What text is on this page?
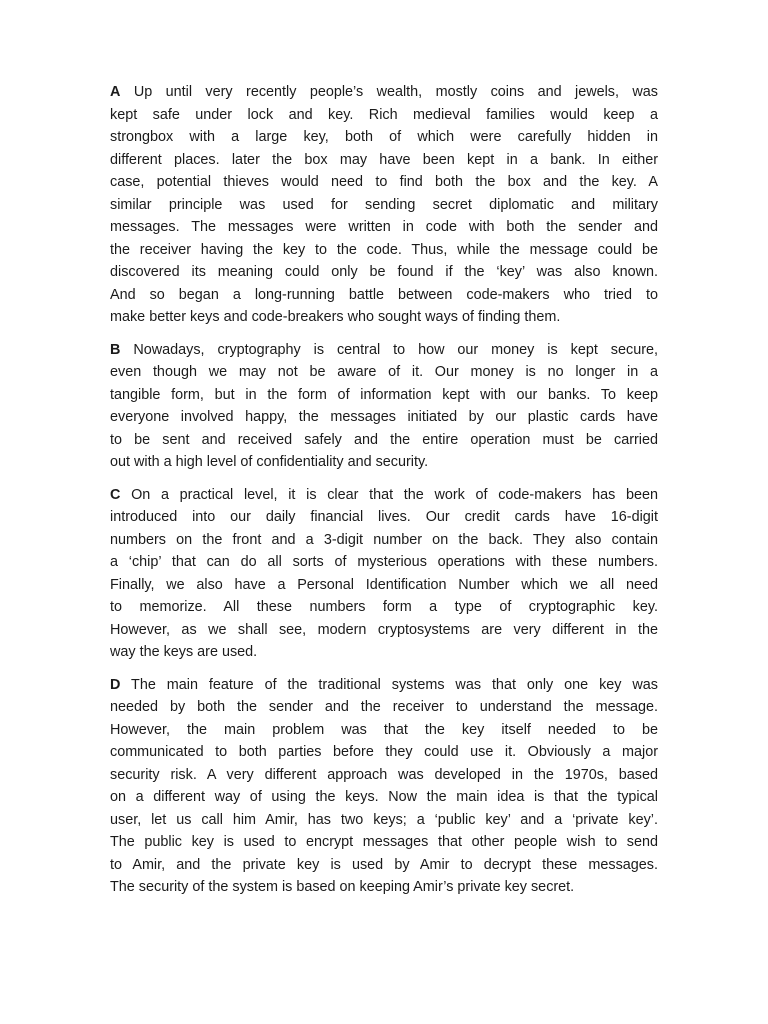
A Up until very recently people’s wealth, mostly coins and jewels, was
kept safe under lock and key. Rich medieval families would keep a
strongbox with a large key, both of which were carefully hidden in
different places. later the box may have been kept in a bank. In either
case, potential thieves would need to find both the box and the key. A
similar principle was used for sending secret diplomatic and military
messages. The messages were written in code with both the sender and
the receiver having the key to the code. Thus, while the message could be
discovered its meaning could only be found if the ‘key’ was also known.
And so began a long-running battle between code-makers who tried to
make better keys and code-breakers who sought ways of finding them.
B Nowadays, cryptography is central to how our money is kept secure,
even though we may not be aware of it. Our money is no longer in a
tangible form, but in the form of information kept with our banks. To keep
everyone involved happy, the messages initiated by our plastic cards have
to be sent and received safely and the entire operation must be carried
out with a high level of confidentiality and security.
C On a practical level, it is clear that the work of code-makers has been
introduced into our daily financial lives. Our credit cards have 16-digit
numbers on the front and a 3-digit number on the back. They also contain
a ‘chip’ that can do all sorts of mysterious operations with these numbers.
Finally, we also have a Personal Identification Number which we all need
to memorize. All these numbers form a type of cryptographic key.
However, as we shall see, modern cryptosystems are very different in the
way the keys are used.
D The main feature of the traditional systems was that only one key was
needed by both the sender and the receiver to understand the message.
However, the main problem was that the key itself needed to be
communicated to both parties before they could use it. Obviously a major
security risk. A very different approach was developed in the 1970s, based
on a different way of using the keys. Now the main idea is that the typical
user, let us call him Amir, has two keys; a ‘public key’ and a ‘private key’.
The public key is used to encrypt messages that other people wish to send
to Amir, and the private key is used by Amir to decrypt these messages.
The security of the system is based on keeping Amir’s private key secret.
